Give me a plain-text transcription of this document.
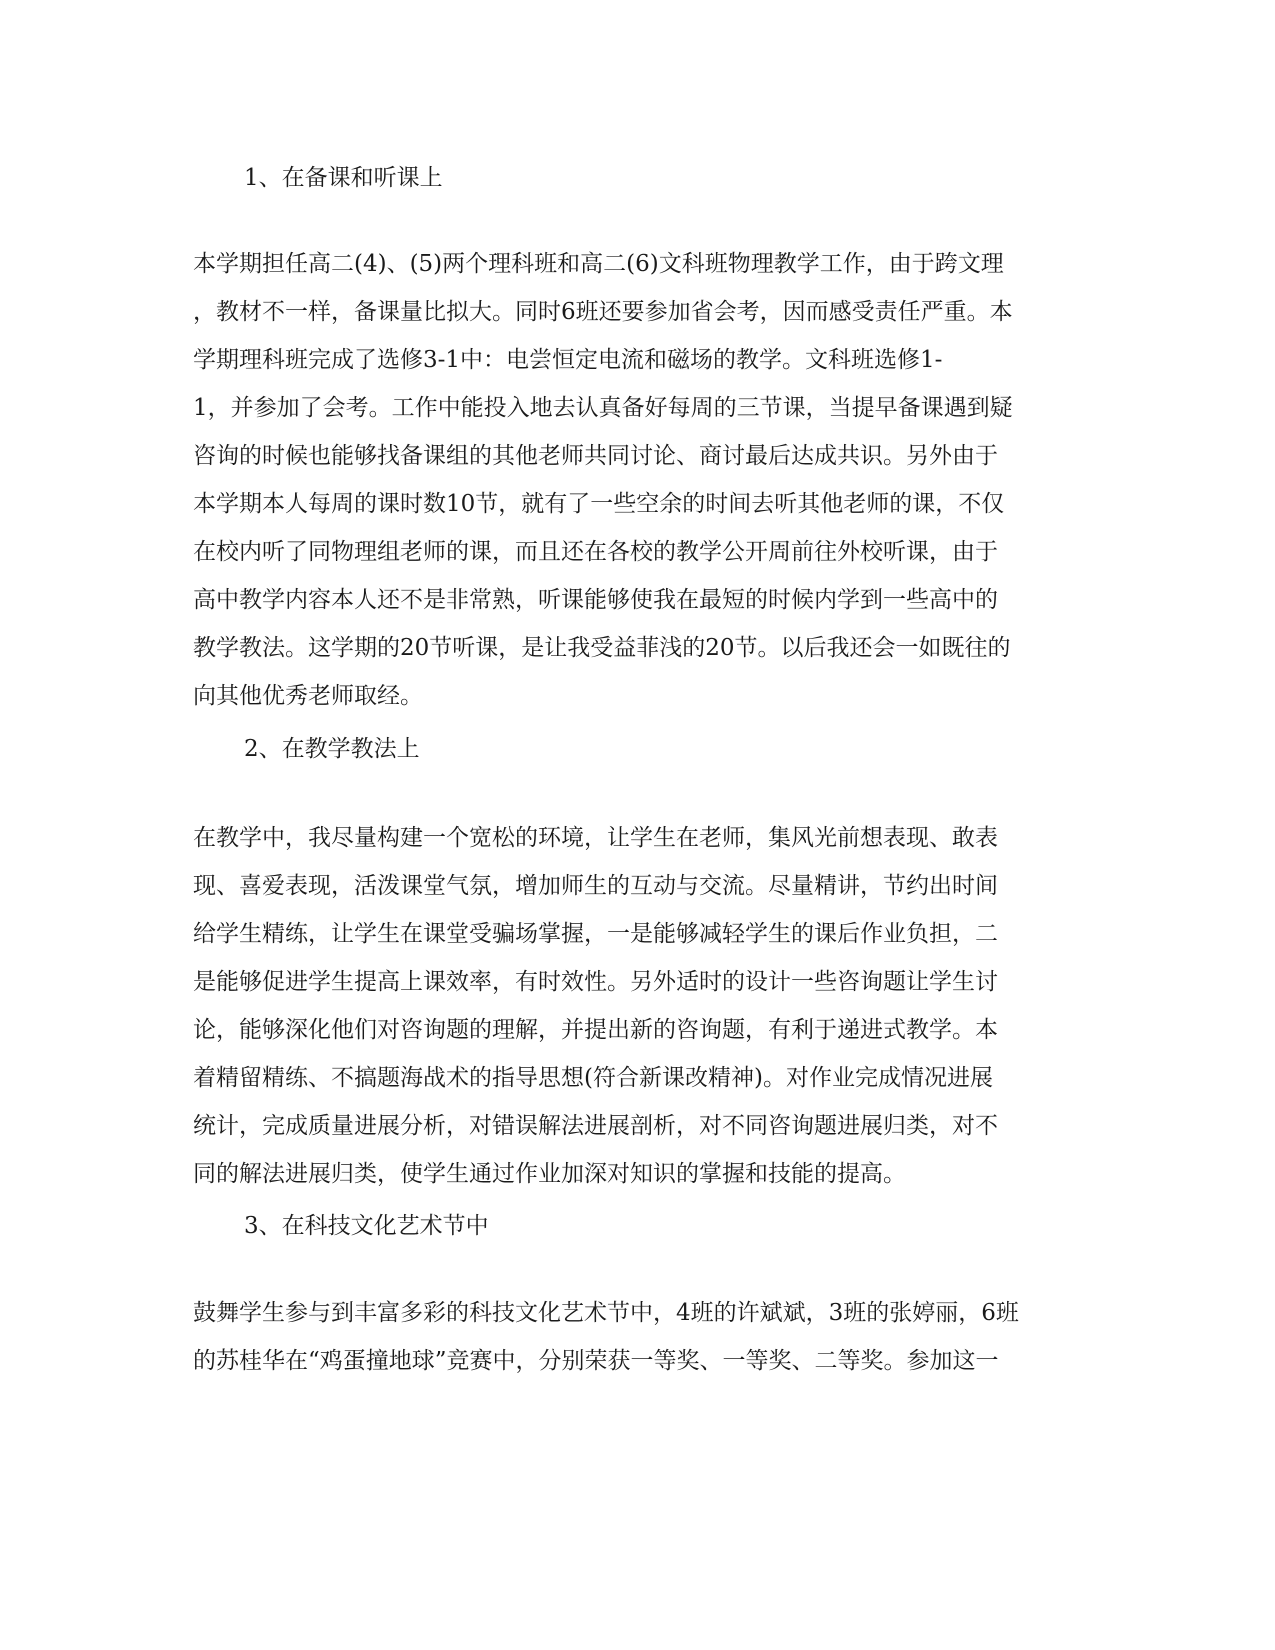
1、在备课和听课上
本学期担任高二(4)、(5)两个理科班和高二(6)文科班物理教学工作，由于跨文理
，教材不一样，备课量比拟大。同时6班还要参加省会考，因而感受责任严重。本
学期理科班完成了选修3-1中：电尝恒定电流和磁场的教学。文科班选修1-
1，并参加了会考。工作中能投入地去认真备好每周的三节课，当提早备课遇到疑
咨询的时候也能够找备课组的其他老师共同讨论、商讨最后达成共识。另外由于
本学期本人每周的课时数10节，就有了一些空余的时间去听其他老师的课，不仅
在校内听了同物理组老师的课，而且还在各校的教学公开周前往外校听课，由于
高中教学内容本人还不是非常熟，听课能够使我在最短的时候内学到一些高中的
教学教法。这学期的20节听课，是让我受益菲浅的20节。以后我还会一如既往的
向其他优秀老师取经。
2、在教学教法上
在教学中，我尽量构建一个宽松的环境，让学生在老师，集风光前想表现、敢表
现、喜爱表现，活泼课堂气氛，增加师生的互动与交流。尽量精讲，节约出时间
给学生精练，让学生在课堂受骗场掌握，一是能够减轻学生的课后作业负担，二
是能够促进学生提高上课效率，有时效性。另外适时的设计一些咨询题让学生讨
论，能够深化他们对咨询题的理解，并提出新的咨询题，有利于递进式教学。本
着精留精练、不搞题海战术的指导思想(符合新课改精神)。对作业完成情况进展
统计，完成质量进展分析，对错误解法进展剖析，对不同咨询题进展归类，对不
同的解法进展归类，使学生通过作业加深对知识的掌握和技能的提高。
3、在科技文化艺术节中
鼓舞学生参与到丰富多彩的科技文化艺术节中，4班的许斌斌，3班的张婷丽，6班
的苏桂华在“鸡蛋撞地球”竞赛中，分别荣获一等奖、一等奖、二等奖。参加这一
